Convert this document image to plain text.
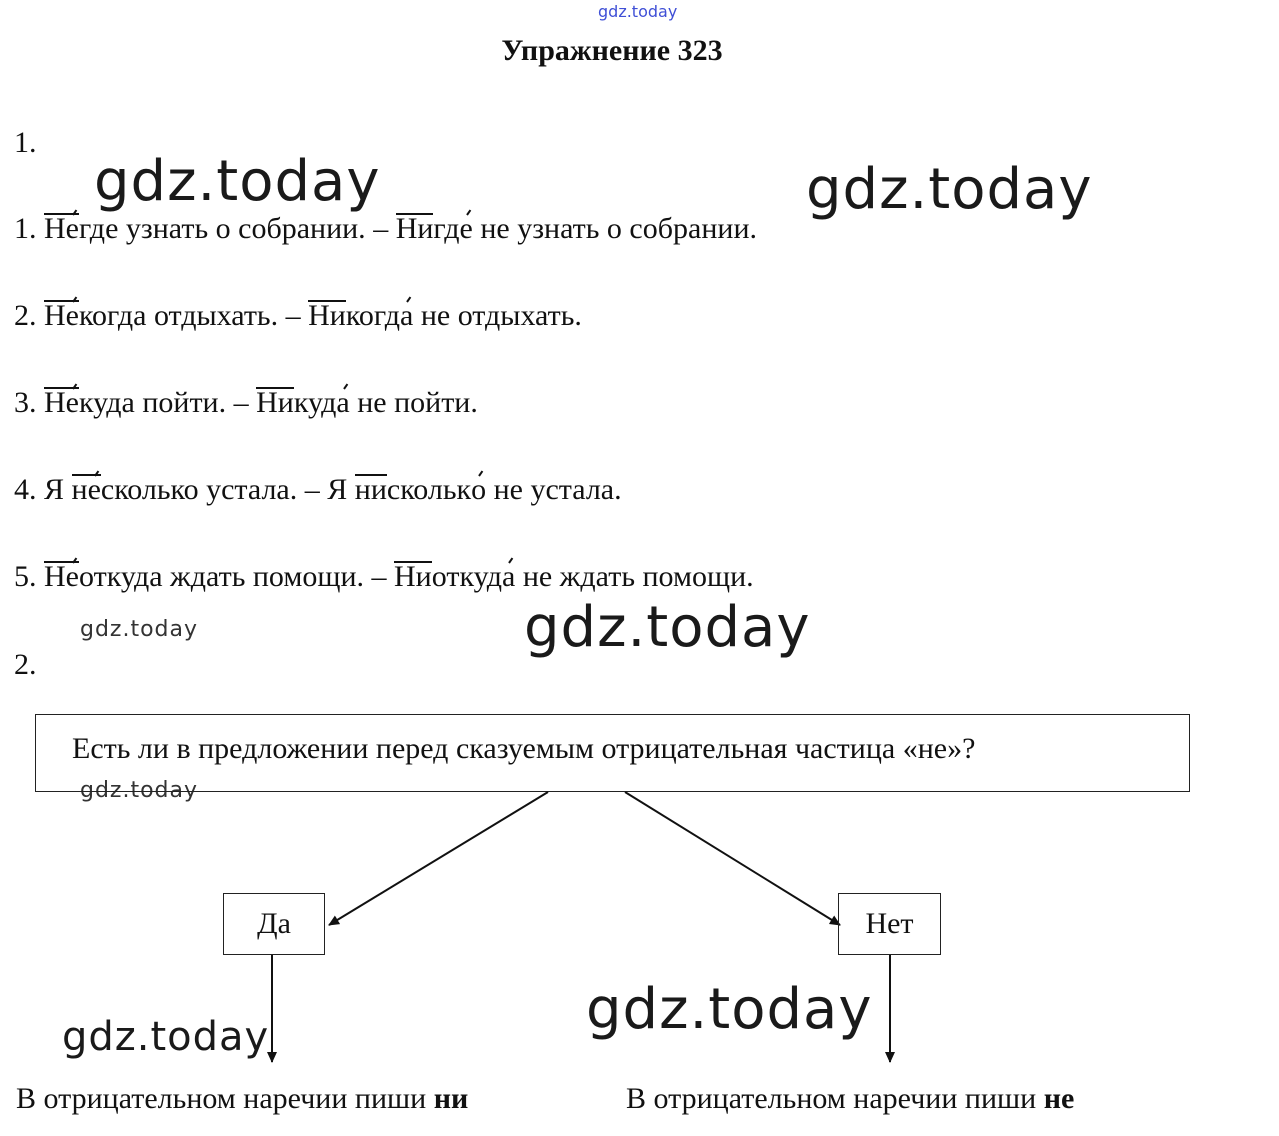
gdz.today
gdz.today	gdz.today
gdz.today
gdz.today
gdz.today
gdz.today
gdz.today
Упражнение 323
1.
1. Негде узнать о собрании. – Нигде не узнать о собрании.
2. Некогда отдыхать. – Никогда не отдыхать.
3. Некуда пойти. – Никуда не пойти.
4. Я несколько устала. – Я нисколько не устала.
5. Неоткуда ждать помощи. – Ниоткуда не ждать помощи.
2.
Есть ли в предложении перед сказуемым отрицательная частица «не»?
Да	Нет
В отрицательном наречии пиши ни	В отрицательном наречии пиши не
